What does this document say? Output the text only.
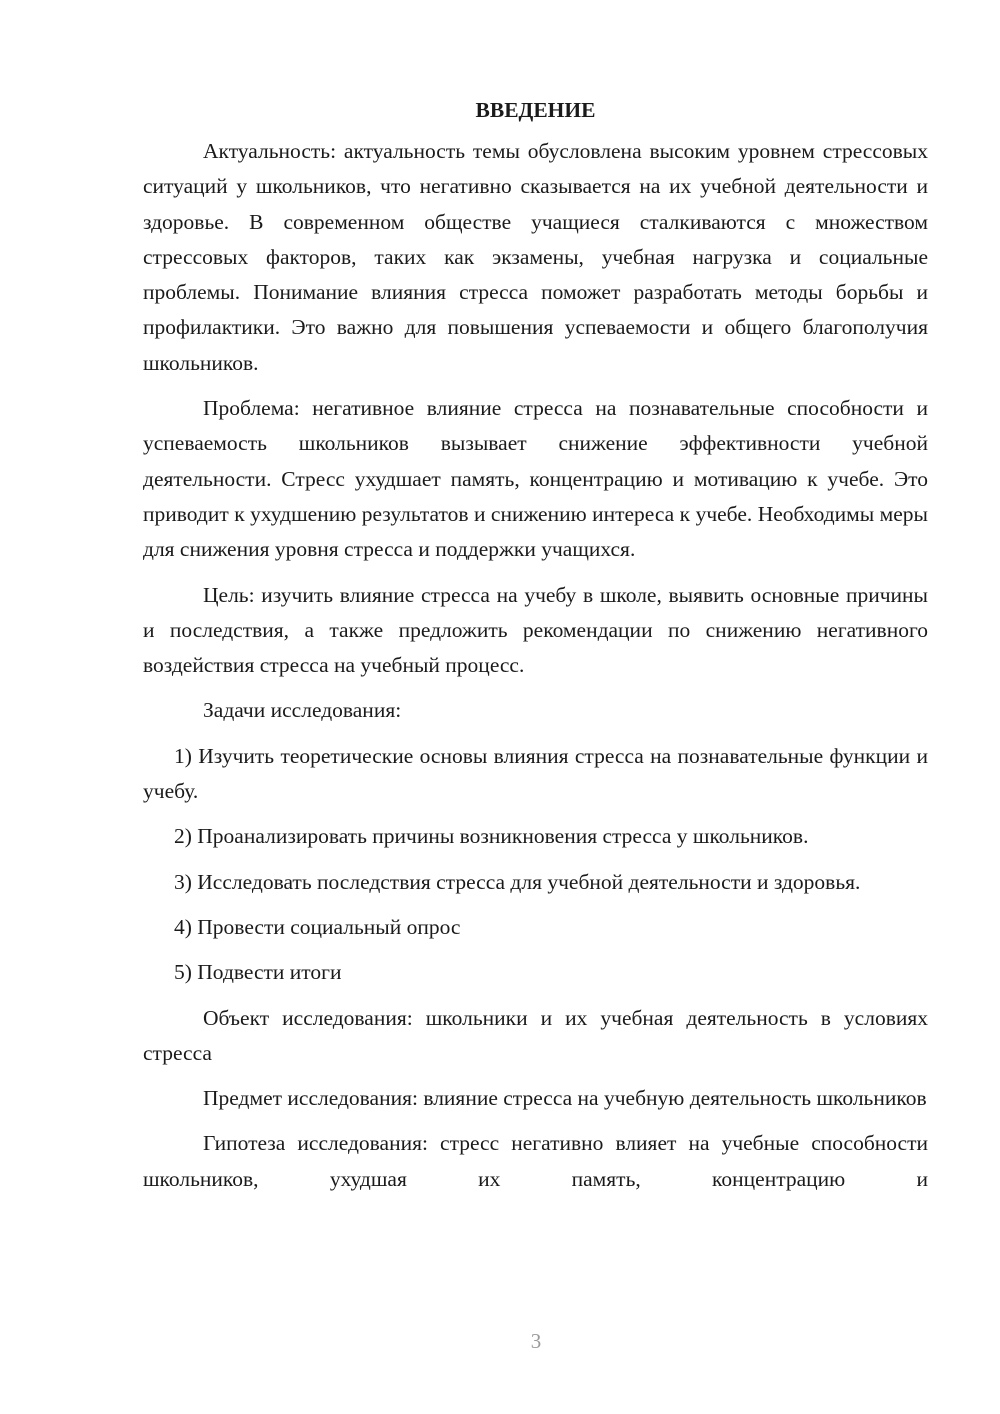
ВВЕДЕНИЕ

Актуальность: актуальность темы обусловлена высоким уровнем стрессовых ситуаций у школьников, что негативно сказывается на их учебной деятельности и здоровье. В современном обществе учащиеся сталкиваются с множеством стрессовых факторов, таких как экзамены, учебная нагрузка и социальные проблемы. Понимание влияния стресса поможет разработать методы борьбы и профилактики. Это важно для повышения успеваемости и общего благополучия школьников.

Проблема: негативное влияние стресса на познавательные способности и успеваемость школьников вызывает снижение эффективности учебной деятельности. Стресс ухудшает память, концентрацию и мотивацию к учебе. Это приводит к ухудшению результатов и снижению интереса к учебе. Необходимы меры для снижения уровня стресса и поддержки учащихся.

Цель: изучить влияние стресса на учебу в школе, выявить основные причины и последствия, а также предложить рекомендации по снижению негативного воздействия стресса на учебный процесс.

Задачи исследования:

1) Изучить теоретические основы влияния стресса на познавательные функции и учебу.

2) Проанализировать причины возникновения стресса у школьников.

3) Исследовать последствия стресса для учебной деятельности и здоровья.

4) Провести социальный опрос

5) Подвести итоги

Объект исследования: школьники и их учебная деятельность в условиях стресса

Предмет исследования: влияние стресса на учебную деятельность школьников

Гипотеза исследования: стресс негативно влияет на учебные способности школьников, ухудшая их память, концентрацию и

3
